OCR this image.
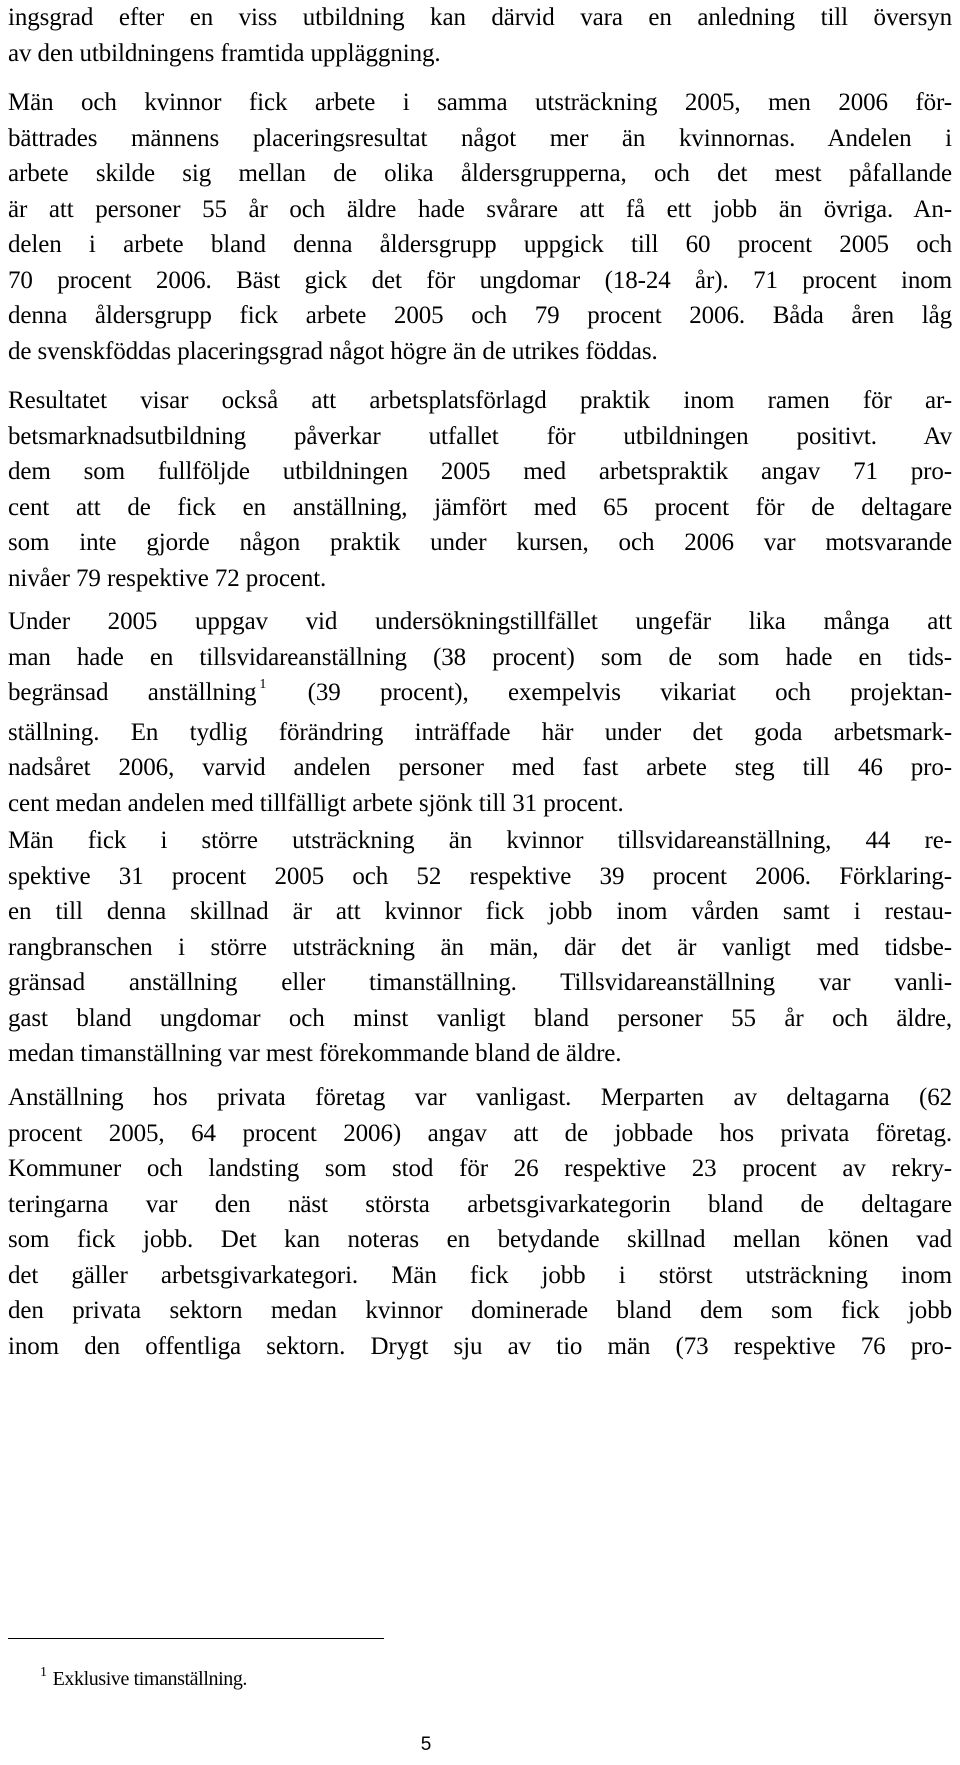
ingsgrad efter en viss utbildning kan därvid vara en anledning till översyn
av den utbildningens framtida uppläggning.
Män och kvinnor fick arbete i samma utsträckning 2005, men 2006 för-
bättrades männens placeringsresultat något mer än kvinnornas. Andelen i
arbete skilde sig mellan de olika åldersgrupperna, och det mest påfallande
är att personer 55 år och äldre hade svårare att få ett jobb än övriga. An-
delen i arbete bland denna åldersgrupp uppgick till 60 procent 2005 och
70 procent 2006. Bäst gick det för ungdomar (18-24 år). 71 procent inom
denna åldersgrupp fick arbete 2005 och 79 procent 2006. Båda åren låg
de svenskföddas placeringsgrad något högre än de utrikes föddas.
Resultatet visar också att arbetsplatsförlagd praktik inom ramen för ar-
betsmarknadsutbildning påverkar utfallet för utbildningen positivt. Av
dem som fullföljde utbildningen 2005 med arbetspraktik angav 71 pro-
cent att de fick en anställning, jämfört med 65 procent för de deltagare
som inte gjorde någon praktik under kursen, och 2006 var motsvarande
nivåer 79 respektive 72 procent.
Under 2005 uppgav vid undersökningstillfället ungefär lika många att
man hade en tillsvidareanställning (38 procent) som de som hade en tids-
begränsad anställning $^1$ (39 procent), exempelvis vikariat och projektan-
ställning. En tydlig förändring inträffade här under det goda arbetsmark-
nadsåret 2006, varvid andelen personer med fast arbete steg till 46 pro-
cent medan andelen med tillfälligt arbete sjönk till 31 procent.
Män fick i större utsträckning än kvinnor tillsvidareanställning, 44 re-
spektive 31 procent 2005 och 52 respektive 39 procent 2006. Förklaring-
en till denna skillnad är att kvinnor fick jobb inom vården samt i restau-
rangbranschen i större utsträckning än män, där det är vanligt med tidsbe-
gränsad anställning eller timanställning. Tillsvidareanställning var vanli-
gast bland ungdomar och minst vanligt bland personer 55 år och äldre,
medan timanställning var mest förekommande bland de äldre.
Anställning hos privata företag var vanligast. Merparten av deltagarna (62
procent 2005, 64 procent 2006) angav att de jobbade hos privata företag.
Kommuner och landsting som stod för 26 respektive 23 procent av rekry-
teringarna var den näst största arbetsgivarkategorin bland de deltagare
som fick jobb. Det kan noteras en betydande skillnad mellan könen vad
det gäller arbetsgivarkategori. Män fick jobb i störst utsträckning inom
den privata sektorn medan kvinnor dominerade bland dem som fick jobb
inom den offentliga sektorn. Drygt sju av tio män (73 respektive 76 pro-
$^1$ Exklusive timanställning.
5
